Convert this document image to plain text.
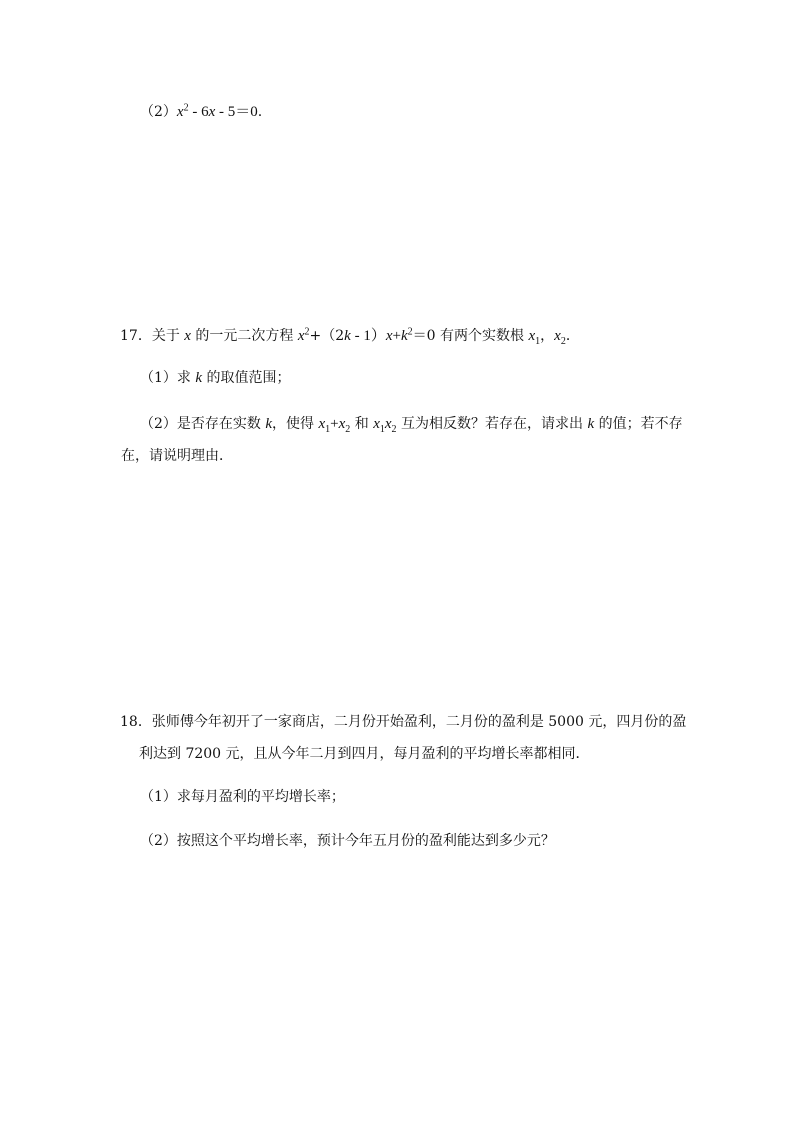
$(2)x^2 - 6x - 5=0$.
17．关于 x 的一元二次方程 $x^2+(2k - 1)x+k^2=0$ 有两个实数根 $x_1$，$x_2$．
（1）求 k 的取值范围；
（2）是否存在实数 k，使得 $x_1+x_2$ 和 $x_1x_2$ 互为相反数？若存在，请求出 k 的值；若不存
在，请说明理由．
18．张师傅今年初开了一家商店，二月份开始盈利，二月份的盈利是 5000 元，四月份的盈
利达到 7200 元，且从今年二月到四月，每月盈利的平均增长率都相同．
（1）求每月盈利的平均增长率；
（2）按照这个平均增长率，预计今年五月份的盈利能达到多少元？
